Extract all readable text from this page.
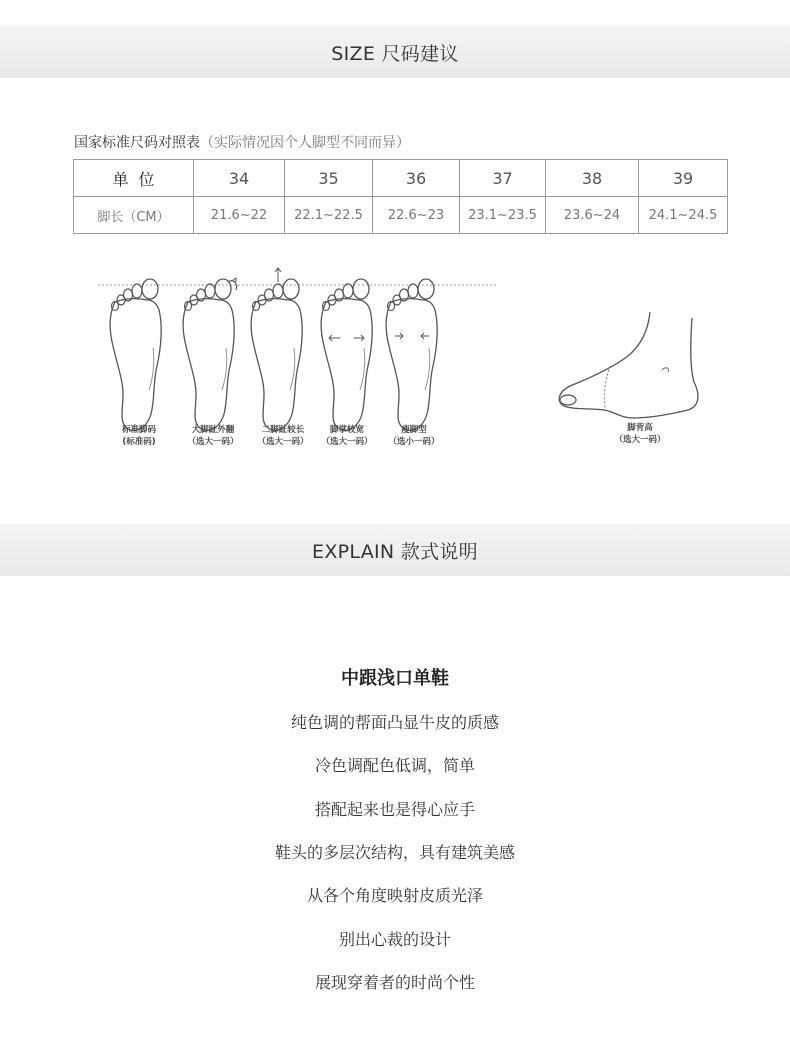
SIZE 尺码建议
国家标准尺码对照表（实际情况因个人脚型不同而异）
单位	34	35	36	37	38	39
脚长（CM）	21.6~22	22.1~22.5	22.6~23	23.1~23.5	23.6~24	24.1~24.5
标准脚码
(标准码)
大脚趾外翻
（选大一码）
二脚趾较长
（选大一码）
脚掌较宽
（选大一码）
瘦脚型
（选小一码）
脚背高
（选大一码）
EXPLAIN 款式说明
中跟浅口单鞋
纯色调的帮面凸显牛皮的质感
冷色调配色低调，简单
搭配起来也是得心应手
鞋头的多层次结构，具有建筑美感
从各个角度映射皮质光泽
别出心裁的设计
展现穿着者的时尚个性
